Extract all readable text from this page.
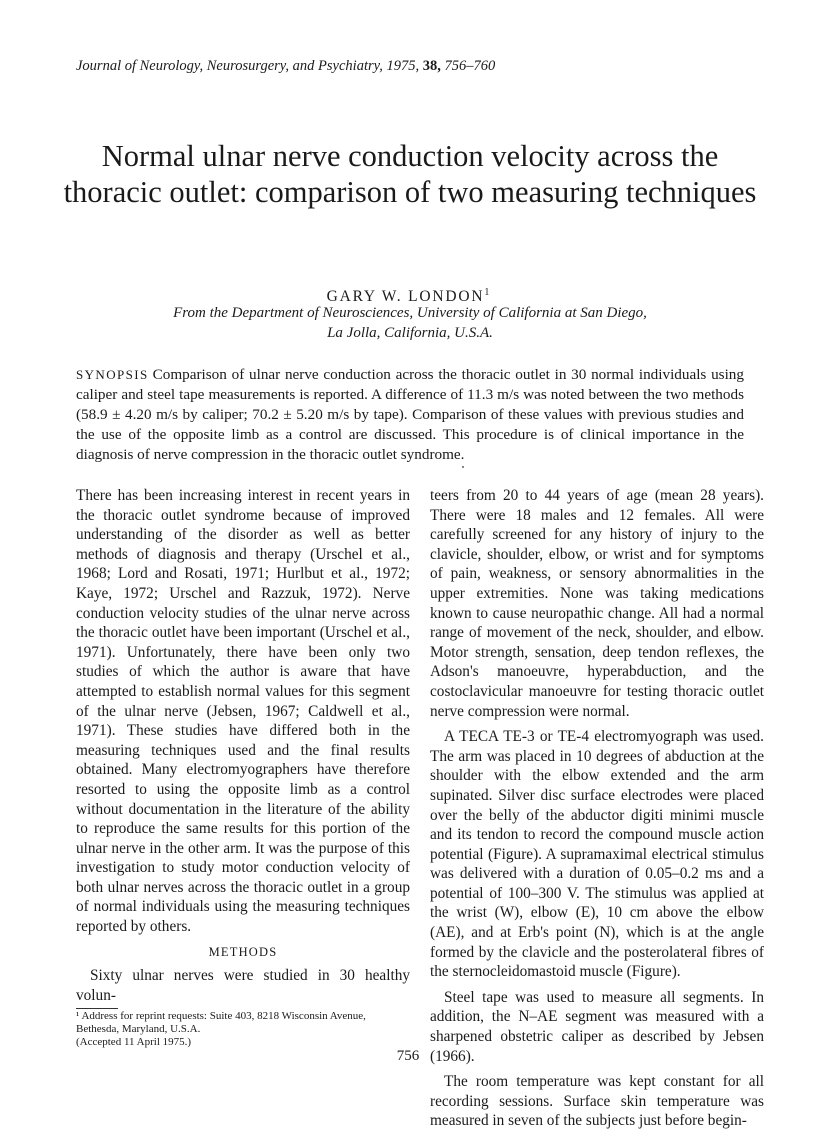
Journal of Neurology, Neurosurgery, and Psychiatry, 1975, 38, 756–760
Normal ulnar nerve conduction velocity across the thoracic outlet: comparison of two measuring techniques
GARY W. LONDON$^1$
From the Department of Neurosciences, University of California at San Diego,
La Jolla, California, U.S.A.
SYNOPSIS Comparison of ulnar nerve conduction across the thoracic outlet in 30 normal individuals using caliper and steel tape measurements is reported. A difference of 11.3 m/s was noted between the two methods (58.9 ± 4.20 m/s by caliper; 70.2 ± 5.20 m/s by tape). Comparison of these values with previous studies and the use of the opposite limb as a control are discussed. This procedure is of clinical importance in the diagnosis of nerve compression in the thoracic outlet syndrome.

There has been increasing interest in recent years in the thoracic outlet syndrome because of improved understanding of the disorder as well as better methods of diagnosis and therapy (Urschel et al., 1968; Lord and Rosati, 1971; Hurlbut et al., 1972; Kaye, 1972; Urschel and Razzuk, 1972). Nerve conduction velocity studies of the ulnar nerve across the thoracic outlet have been important (Urschel et al., 1971). Unfortunately, there have been only two studies of which the author is aware that have attempted to establish normal values for this segment of the ulnar nerve (Jebsen, 1967; Caldwell et al., 1971). These studies have differed both in the measuring techniques used and the final results obtained. Many electromyographers have therefore resorted to using the opposite limb as a control without documentation in the literature of the ability to reproduce the same results for this portion of the ulnar nerve in the other arm. It was the purpose of this investigation to study motor conduction velocity of both ulnar nerves across the thoracic outlet in a group of normal individuals using the measuring techniques reported by others.

METHODS

Sixty ulnar nerves were studied in 30 healthy volun-

¹ Address for reprint requests: Suite 403, 8218 Wisconsin Avenue, Bethesda, Maryland, U.S.A.

(Accepted 11 April 1975.)

teers from 20 to 44 years of age (mean 28 years). There were 18 males and 12 females. All were carefully screened for any history of injury to the clavicle, shoulder, elbow, or wrist and for symptoms of pain, weakness, or sensory abnormalities in the upper extremities. None was taking medications known to cause neuropathic change. All had a normal range of movement of the neck, shoulder, and elbow. Motor strength, sensation, deep tendon reflexes, the Adson's manoeuvre, hyperabduction, and the costoclavicular manoeuvre for testing thoracic outlet nerve compression were normal.

A TECA TE-3 or TE-4 electromyograph was used. The arm was placed in 10 degrees of abduction at the shoulder with the elbow extended and the arm supinated. Silver disc surface electrodes were placed over the belly of the abductor digiti minimi muscle and its tendon to record the compound muscle action potential (Figure). A supramaximal electrical stimulus was delivered with a duration of 0.05–0.2 ms and a potential of 100–300 V. The stimulus was applied at the wrist (W), elbow (E), 10 cm above the elbow (AE), and at Erb's point (N), which is at the angle formed by the clavicle and the posterolateral fibres of the sternocleidomastoid muscle (Figure).

Steel tape was used to measure all segments. In addition, the N–AE segment was measured with a sharpened obstetric caliper as described by Jebsen (1966).

The room temperature was kept constant for all recording sessions. Surface skin temperature was measured in seven of the subjects just before begin-

756
